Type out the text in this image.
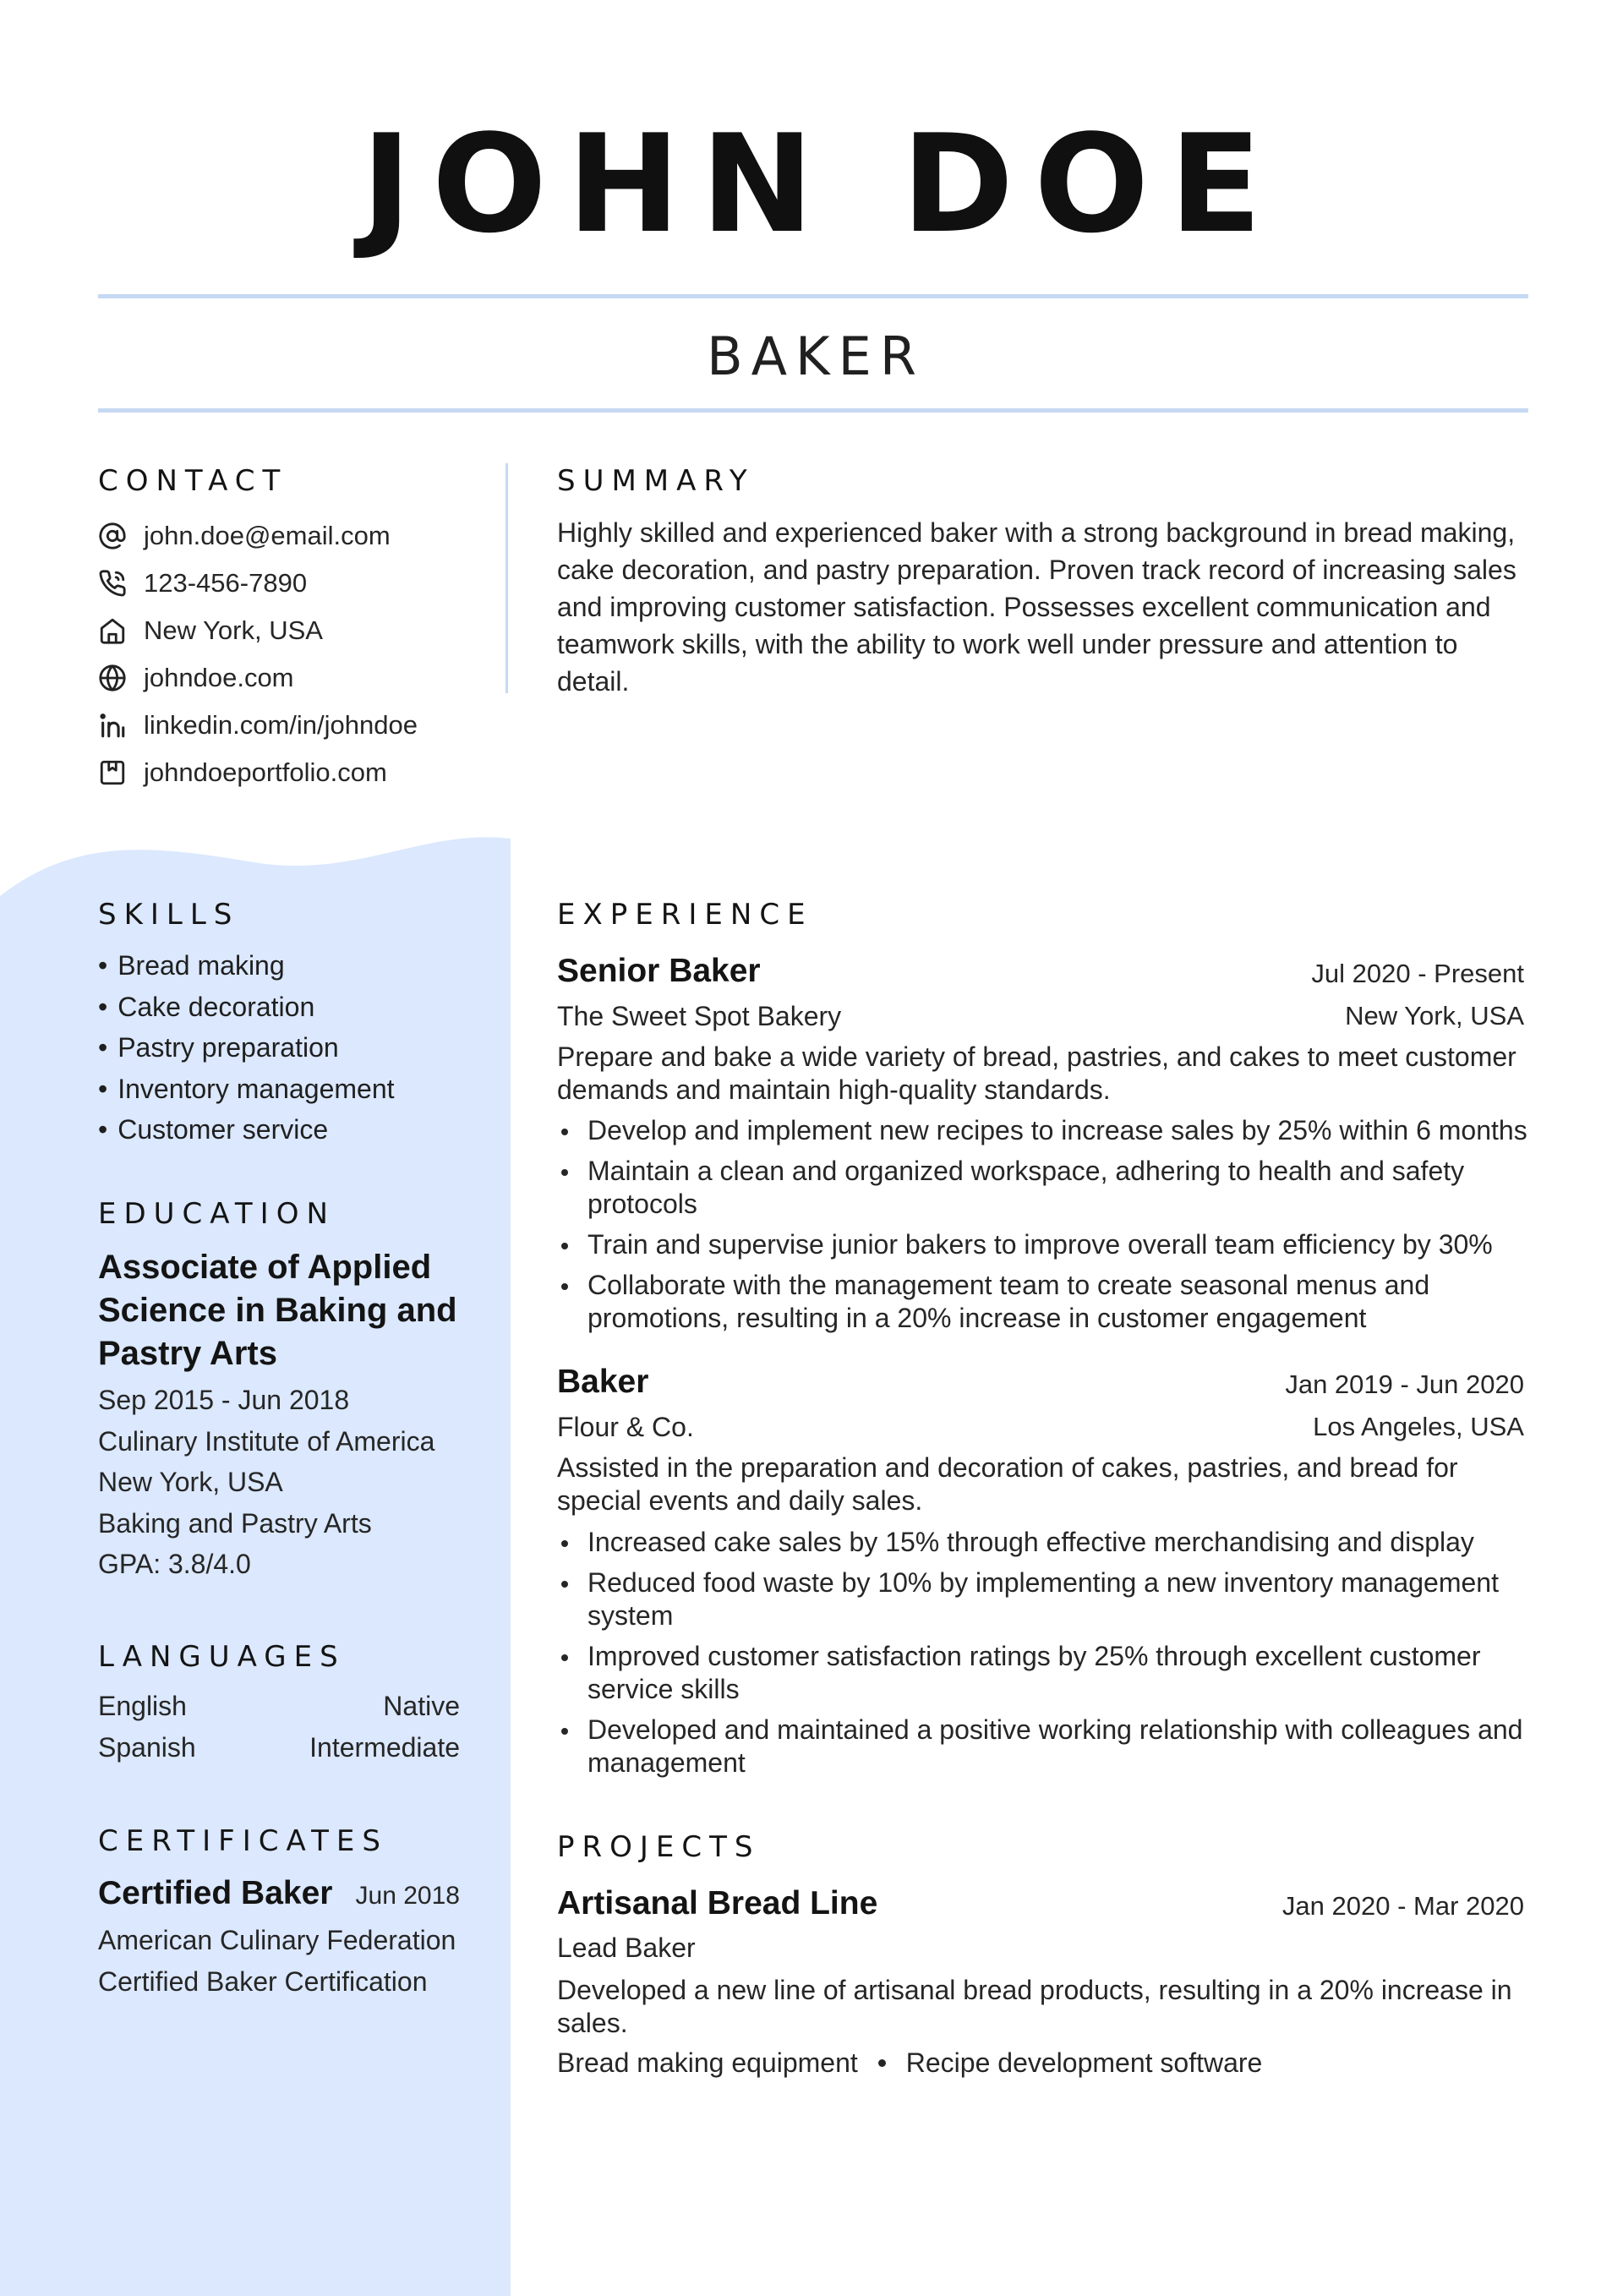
JOHN DOE
BAKER
CONTACT
john.doe@email.com
123-456-7890
New York, USA
johndoe.com
linkedin.com/in/johndoe
johndoeportfolio.com
SUMMARY

Highly skilled and experienced baker with a strong background in bread making, cake decoration, and pastry preparation. Proven track record of increasing sales and improving customer satisfaction. Possesses excellent communication and teamwork skills, with the ability to work well under pressure and attention to detail.

SKILLS
• Bread making
• Cake decoration
• Pastry preparation
• Inventory management
• Customer service
EDUCATION
Associate of Applied Science in Baking and Pastry Arts
Sep 2015 - Jun 2018
Culinary Institute of America
New York, USA
Baking and Pastry Arts
GPA: 3.8/4.0
LANGUAGES
English	Native
Spanish	Intermediate
CERTIFICATES
Certified Baker Jun 2018
American Culinary Federation
Certified Baker Certification
EXPERIENCE
Senior Baker	Jul 2020 - Present
The Sweet Spot Bakery	New York, USA
Prepare and bake a wide variety of bread, pastries, and cakes to meet customer demands and maintain high-quality standards.
Develop and implement new recipes to increase sales by 25% within 6 months
Maintain a clean and organized workspace, adhering to health and safety protocols
Train and supervise junior bakers to improve overall team efficiency by 30%
Collaborate with the management team to create seasonal menus and promotions, resulting in a 20% increase in customer engagement
Baker	Jan 2019 - Jun 2020
Flour & Co.	Los Angeles, USA
Assisted in the preparation and decoration of cakes, pastries, and bread for special events and daily sales.
Increased cake sales by 15% through effective merchandising and display
Reduced food waste by 10% by implementing a new inventory management system
Improved customer satisfaction ratings by 25% through excellent customer service skills
Developed and maintained a positive working relationship with colleagues and management
PROJECTS
Artisanal Bread Line	Jan 2020 - Mar 2020
Lead Baker
Developed a new line of artisanal bread products, resulting in a 20% increase in sales.
Bread making equipment Recipe development software
